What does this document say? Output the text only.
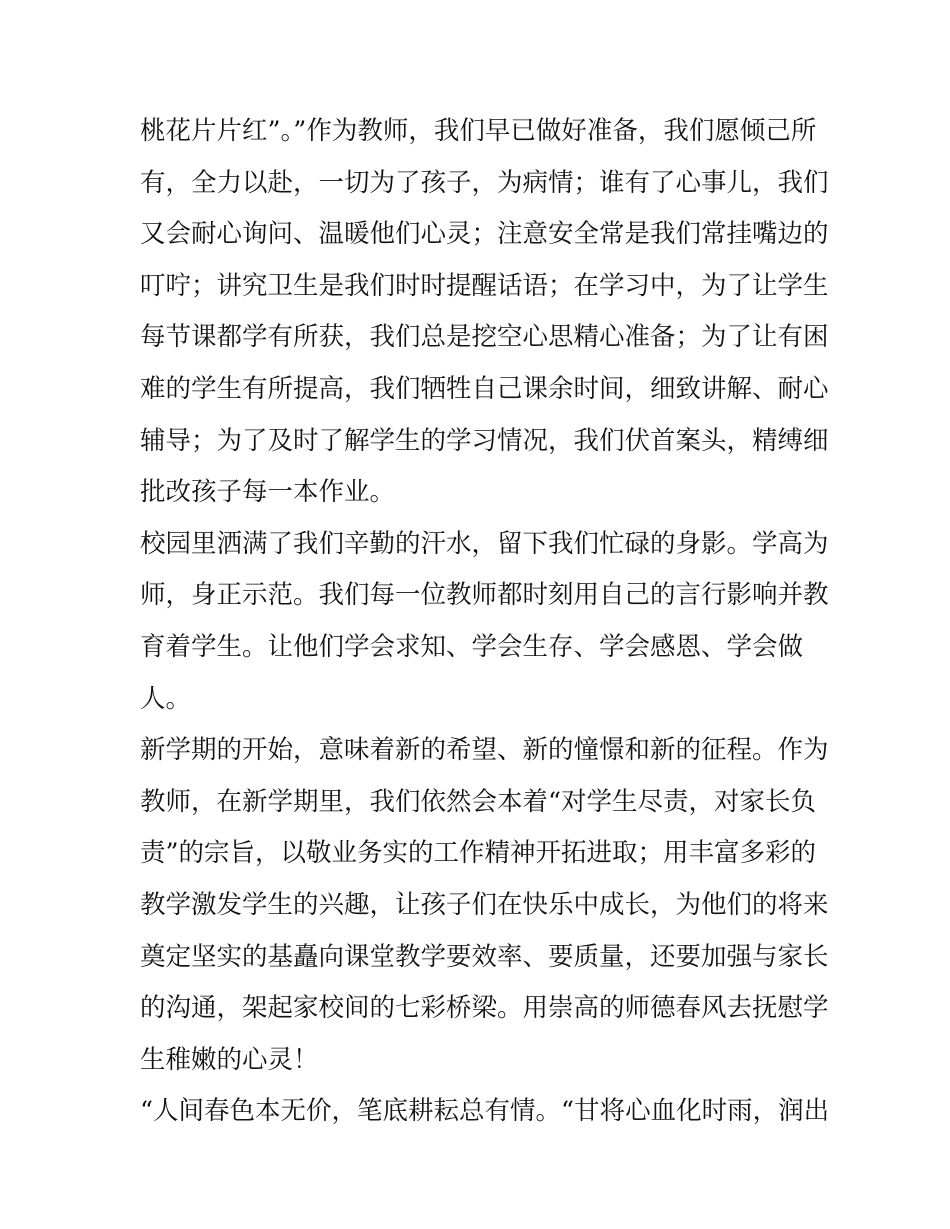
桃花片片红”。”作为教师，我们早已做好准备，我们愿倾己所
有，全力以赴，一切为了孩子，为病情；谁有了心事儿，我们
又会耐心询问、温暖他们心灵；注意安全常是我们常挂嘴边的
叮咛；讲究卫生是我们时时提醒话语；在学习中，为了让学生
每节课都学有所获，我们总是挖空心思精心准备；为了让有困
难的学生有所提高，我们牺牲自己课余时间，细致讲解、耐心
辅导；为了及时了解学生的学习情况，我们伏首案头，精缚细
批改孩子每一本作业。
校园里洒满了我们辛勤的汗水，留下我们忙碌的身影。学高为
师，身正示范。我们每一位教师都时刻用自己的言行影响并教
育着学生。让他们学会求知、学会生存、学会感恩、学会做
人。
新学期的开始，意味着新的希望、新的憧憬和新的征程。作为
教师，在新学期里，我们依然会本着“对学生尽责，对家长负
责”的宗旨，以敬业务实的工作精神开拓进取；用丰富多彩的
教学激发学生的兴趣，让孩子们在快乐中成长，为他们的将来
奠定坚实的基矗向课堂教学要效率、要质量，还要加强与家长
的沟通，架起家校间的七彩桥梁。用崇高的师德春风去抚慰学
生稚嫩的心灵！
“人间春色本无价，笔底耕耘总有情。“甘将心血化时雨，润出
